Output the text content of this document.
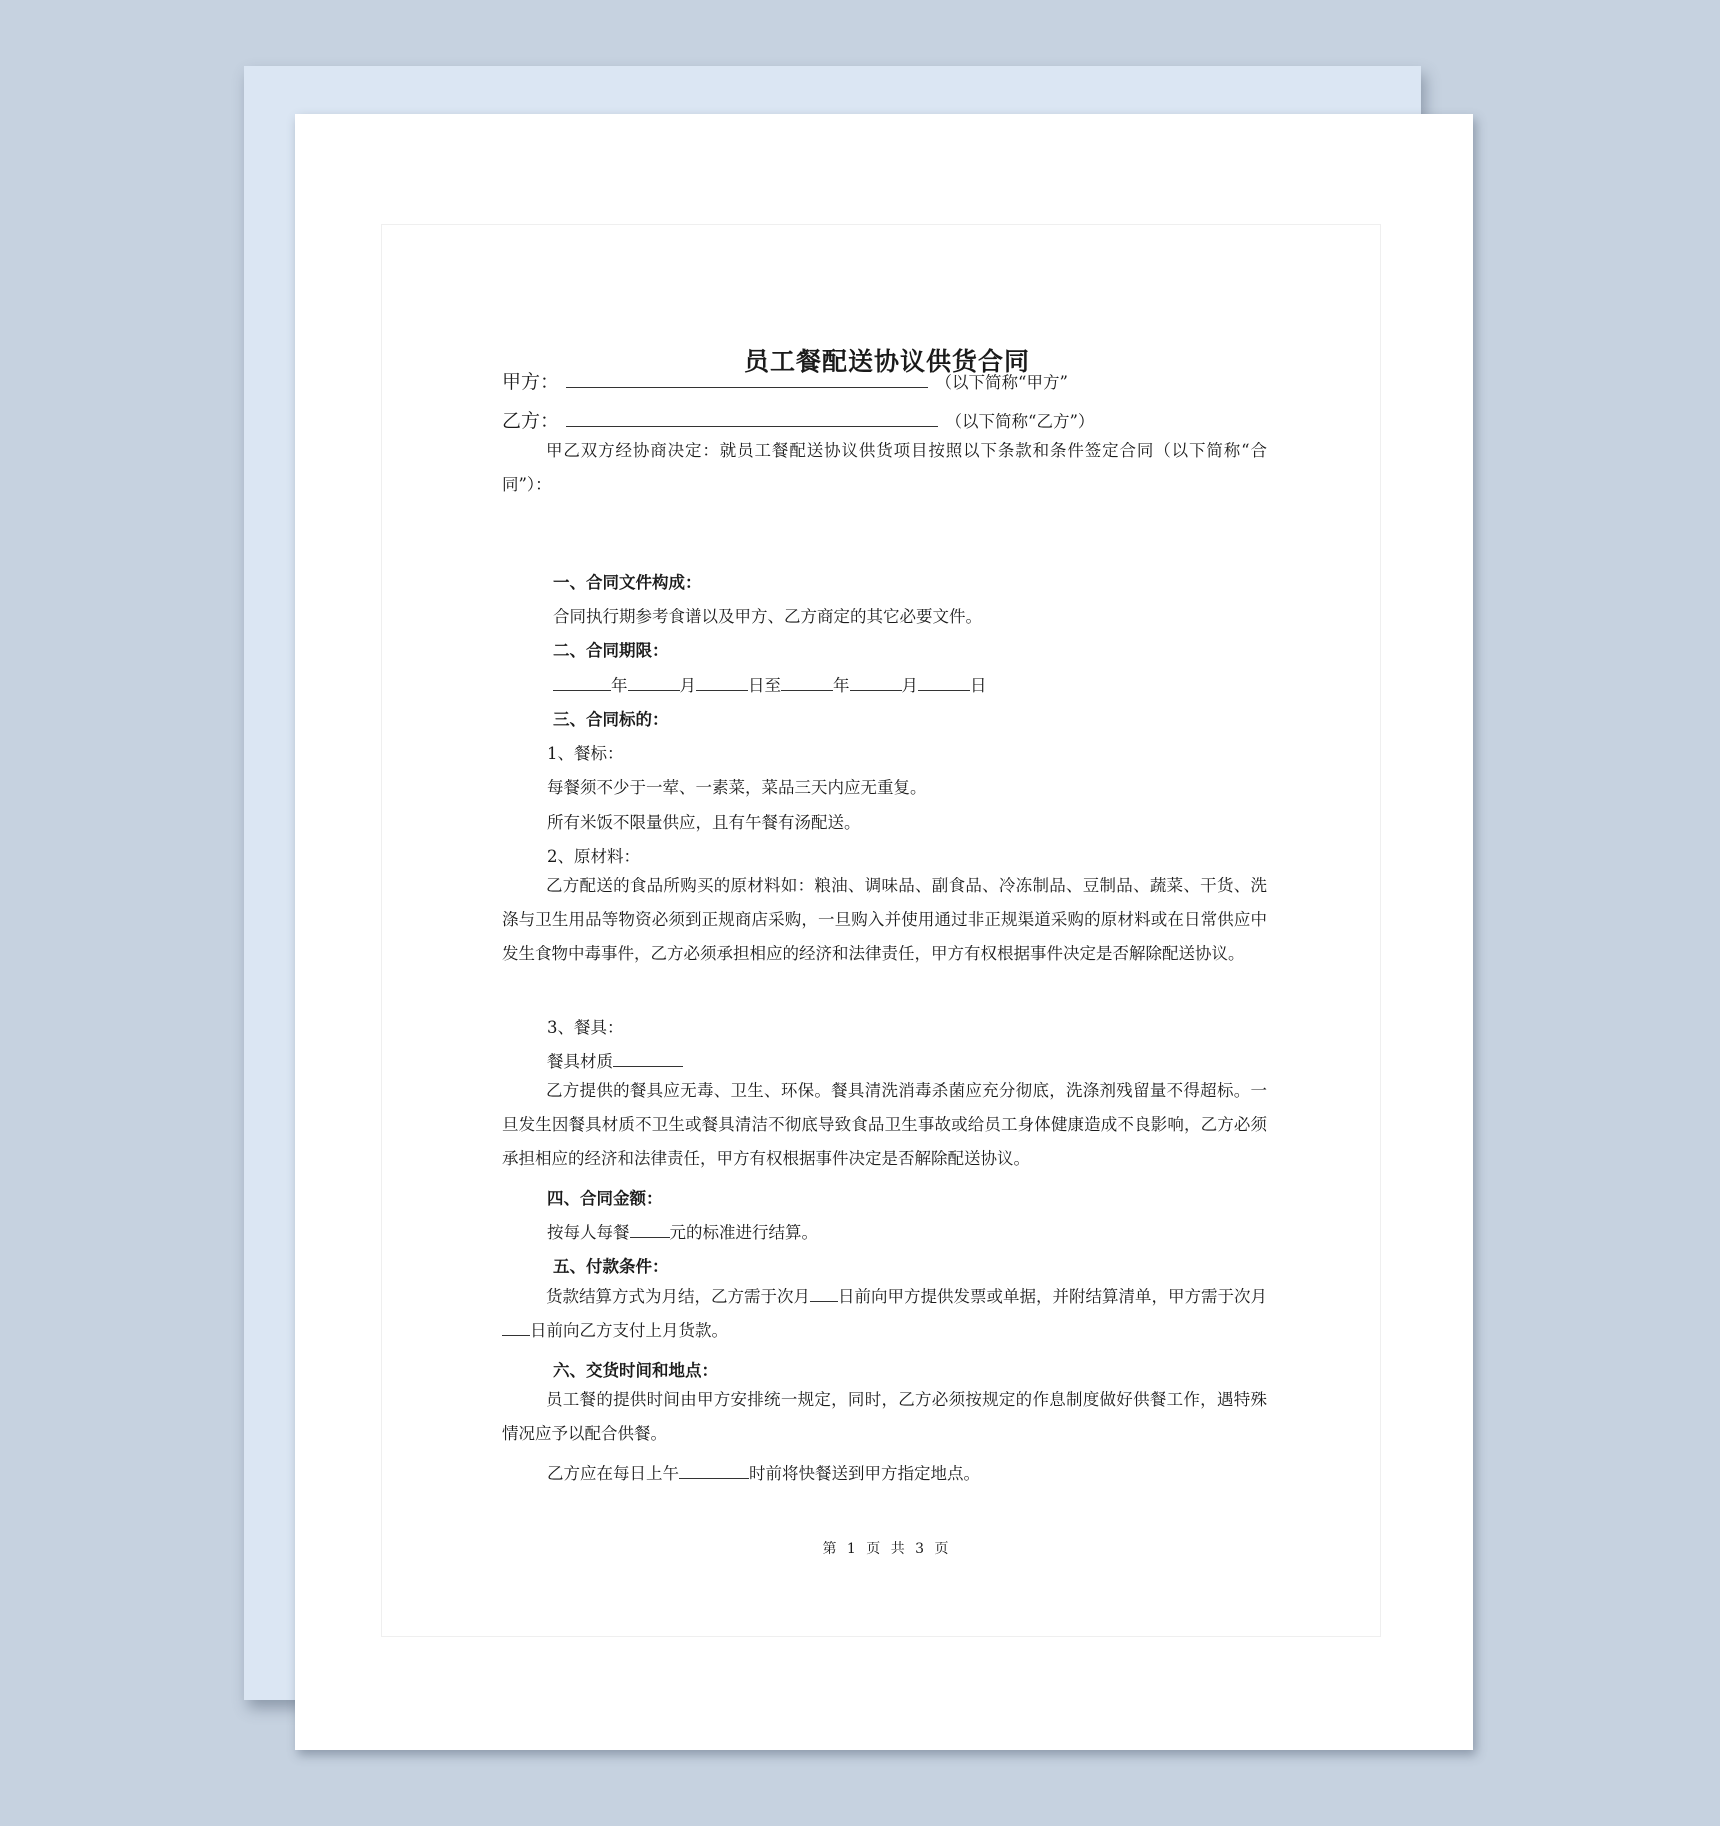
员工餐配送协议供货合同
甲方：	（以下简称“甲方”
乙方：	（以下简称“乙方”）
甲乙双方经协商决定：就员工餐配送协议供货项目按照以下条款和条件签定合同（以下简称“合同”）：
一、合同文件构成：
合同执行期参考食谱以及甲方、乙方商定的其它必要文件。
二、合同期限：
年	月	日至	年	月	日
三、合同标的：
1、餐标：
每餐须不少于一荤、一素菜，菜品三天内应无重复。
所有米饭不限量供应，且有午餐有汤配送。
2、原材料：
乙方配送的食品所购买的原材料如：粮油、调味品、副食品、冷冻制品、豆制品、蔬菜、干货、洗涤与卫生用品等物资必须到正规商店采购，一旦购入并使用通过非正规渠道采购的原材料或在日常供应中发生食物中毒事件，乙方必须承担相应的经济和法律责任，甲方有权根据事件决定是否解除配送协议。
3、餐具：
餐具材质
乙方提供的餐具应无毒、卫生、环保。餐具清洗消毒杀菌应充分彻底，洗涤剂残留量不得超标。一旦发生因餐具材质不卫生或餐具清洁不彻底导致食品卫生事故或给员工身体健康造成不良影响，乙方必须承担相应的经济和法律责任，甲方有权根据事件决定是否解除配送协议。
四、合同金额：
按每人每餐 元的标准进行结算。
五、付款条件：
货款结算方式为月结，乙方需于次月 日前向甲方提供发票或单据，并附结算清单，甲方需于次月日前向乙方支付上月货款。
六、交货时间和地点：
员工餐的提供时间由甲方安排统一规定，同时，乙方必须按规定的作息制度做好供餐工作，遇特殊情况应予以配合供餐。
乙方应在每日上午	时前将快餐送到甲方指定地点。
第 1 页 共 3 页
